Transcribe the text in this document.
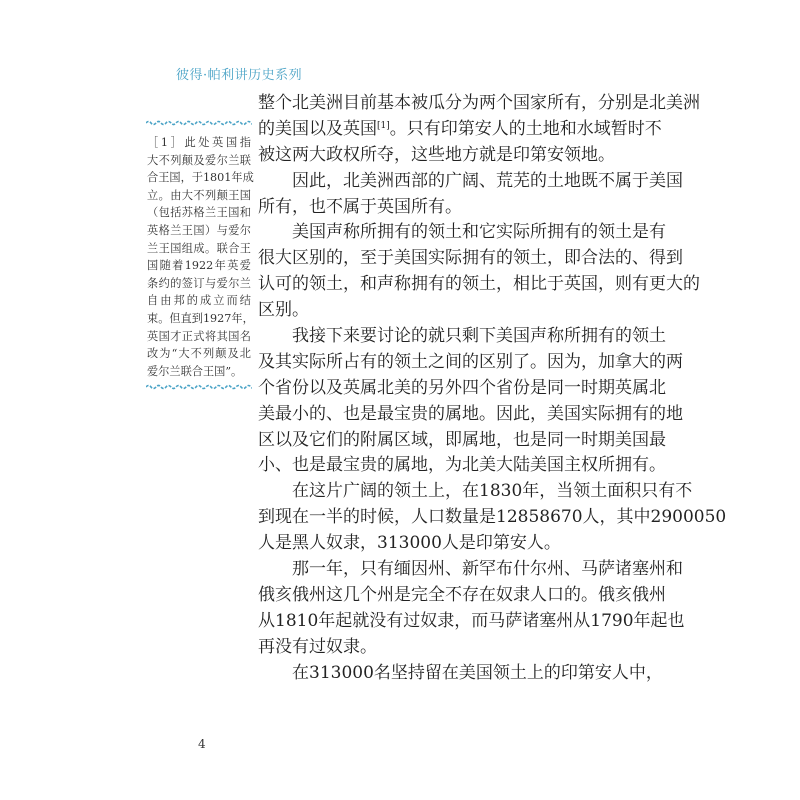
彼得·帕利讲历史系列
［1］此处英国指
大不列颠及爱尔兰联
合王国，于1801年成
立。由大不列颠王国
（包括苏格兰王国和
英格兰王国）与爱尔
兰王国组成。联合王
国随着1922年英爱
条约的签订与爱尔兰
自由邦的成立而结
束。但直到1927年，
英国才正式将其国名
改为“大不列颠及北
爱尔兰联合王国”。
整个北美洲目前基本被瓜分为两个国家所有，分别是北美洲
的美国以及英国[1]。只有印第安人的土地和水域暂时不
被这两大政权所夺，这些地方就是印第安领地。
因此，北美洲西部的广阔、荒芜的土地既不属于美国
所有，也不属于英国所有。
美国声称所拥有的领土和它实际所拥有的领土是有
很大区别的，至于美国实际拥有的领土，即合法的、得到
认可的领土，和声称拥有的领土，相比于英国，则有更大的
区别。
我接下来要讨论的就只剩下美国声称所拥有的领土
及其实际所占有的领土之间的区别了。因为，加拿大的两
个省份以及英属北美的另外四个省份是同一时期英属北
美最小的、也是最宝贵的属地。因此，美国实际拥有的地
区以及它们的附属区域，即属地，也是同一时期美国最
小、也是最宝贵的属地，为北美大陆美国主权所拥有。
在这片广阔的领土上，在1830年，当领土面积只有不
到现在一半的时候，人口数量是12858670人，其中2900050
人是黑人奴隶，313000人是印第安人。
那一年，只有缅因州、新罕布什尔州、马萨诸塞州和
俄亥俄州这几个州是完全不存在奴隶人口的。俄亥俄州
从1810年起就没有过奴隶，而马萨诸塞州从1790年起也
再没有过奴隶。
在313000名坚持留在美国领土上的印第安人中，
4
